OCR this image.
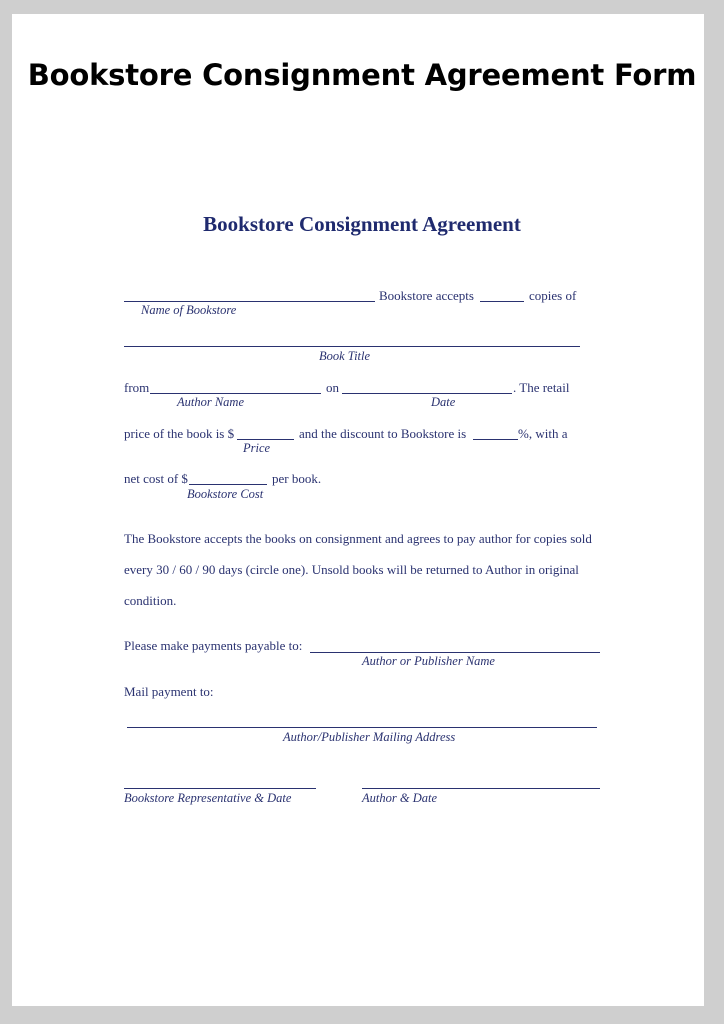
Bookstore Consignment Agreement Form
Bookstore Consignment Agreement
Bookstore accepts	copies of
Name of Bookstore
Book Title
from	on	. The retail
Author Name	Date
price of the book is $	and the discount to Bookstore is	%, with a
Price
net cost of $	per book.
Bookstore Cost
The Bookstore accepts the books on consignment and agrees to pay author for copies sold
every 30 / 60 / 90 days (circle one). Unsold books will be returned to Author in original
condition.
Please make payments payable to:
Author or Publisher Name
Mail payment to:
Author/Publisher Mailing Address
Bookstore Representative & Date	Author & Date
